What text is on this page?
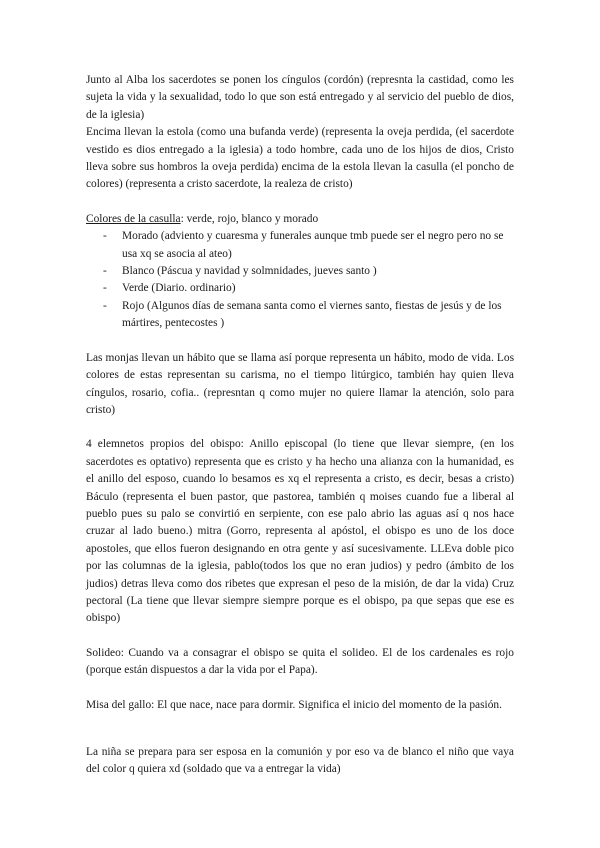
Junto al Alba los sacerdotes se ponen los cíngulos (cordón) (represnta la castidad, como les sujeta la vida y la sexualidad, todo lo que son está entregado y al servicio del pueblo de dios, de la iglesia)

Encima llevan la estola (como una bufanda verde) (representa la oveja perdida, (el sacerdote vestido es dios entregado a la iglesia) a todo hombre, cada uno de los hijos de dios, Cristo lleva sobre sus hombros la oveja perdida) encima de la estola llevan la casulla (el poncho de colores) (representa a cristo sacerdote, la realeza de cristo)

Colores de la casulla: verde, rojo, blanco y morado

- Morado (adviento y cuaresma y funerales aunque tmb puede ser el negro pero no se usa xq se asocia al ateo)
- Blanco (Páscua y navidad y solmnidades, jueves santo )
- Verde (Diario. ordinario)
- Rojo (Algunos días de semana santa como el viernes santo, fiestas de jesús y de los mártires, pentecostes )

Las monjas llevan un hábito que se llama así porque representa un hábito, modo de vida. Los colores de estas representan su carisma, no el tiempo litúrgico, también hay quien lleva cíngulos, rosario, cofia.. (represntan q como mujer no quiere llamar la atención, solo para cristo)

4 elemnetos propios del obispo: Anillo episcopal (lo tiene que llevar siempre, (en los sacerdotes es optativo) representa que es cristo y ha hecho una alianza con la humanidad, es el anillo del esposo, cuando lo besamos es xq el representa a cristo, es decir, besas a cristo) Báculo (representa el buen pastor, que pastorea, también q moises cuando fue a liberal al pueblo pues su palo se convirtió en serpiente, con ese palo abrio las aguas así q nos hace cruzar al lado bueno.) mitra (Gorro, representa al apóstol, el obispo es uno de los doce apostoles, que ellos fueron designando en otra gente y así sucesivamente. LLEva doble pico por las columnas de la iglesia, pablo(todos los que no eran judios) y pedro (ámbito de los judios) detras lleva como dos ribetes que expresan el peso de la misión, de dar la vida) Cruz pectoral (La tiene que llevar siempre siempre porque es el obispo, pa que sepas que ese es obispo)

Solideo: Cuando va a consagrar el obispo se quita el solideo. El de los cardenales es rojo (porque están dispuestos a dar la vida por el Papa).

Misa del gallo: El que nace, nace para dormir. Significa el inicio del momento de la pasión.

La niña se prepara para ser esposa en la comunión y por eso va de blanco el niño que vaya del color q quiera xd (soldado que va a entregar la vida)
